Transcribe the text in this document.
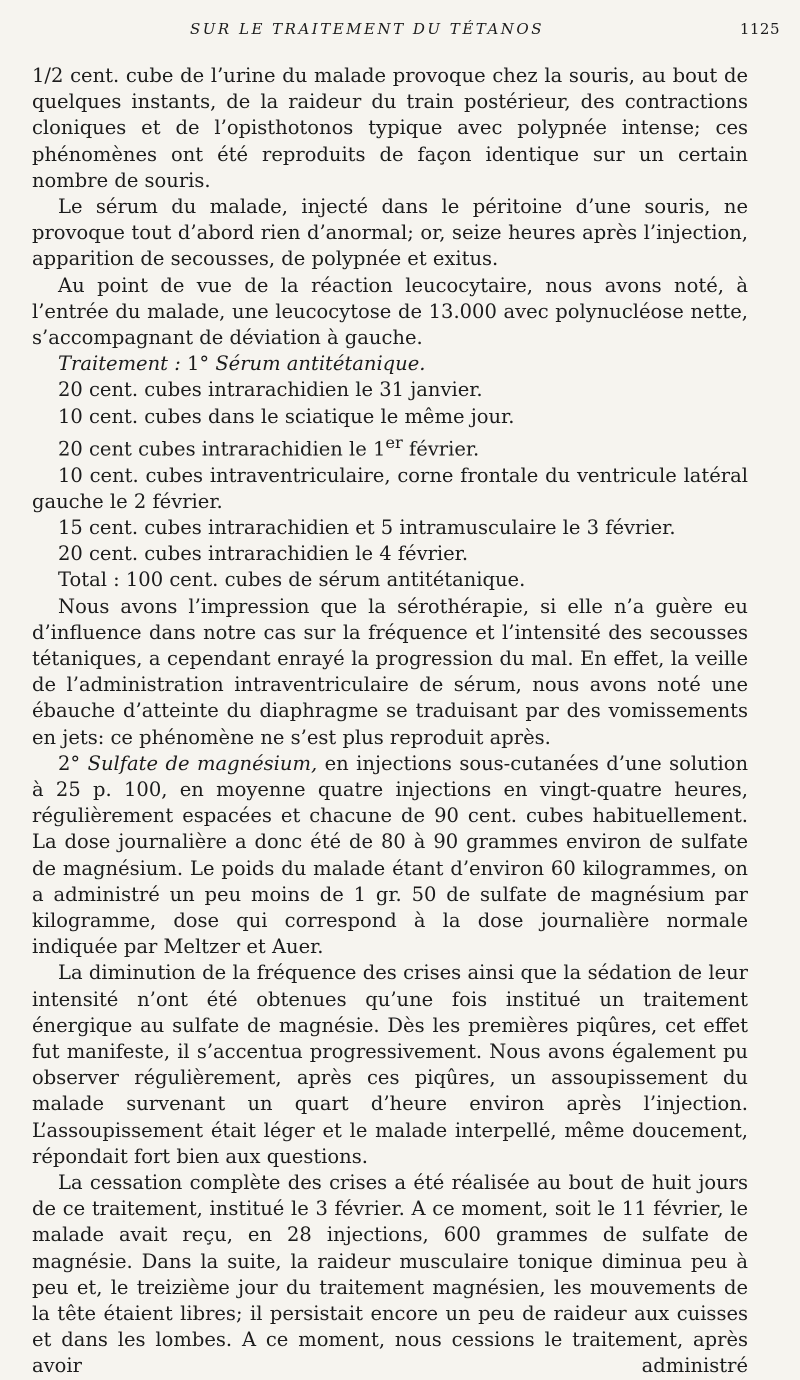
SUR LE TRAITEMENT DU TÉTANOS	1125

1/2 cent. cube de l’urine du malade provoque chez la souris, au bout de quelques instants, de la raideur du train postérieur, des contractions cloniques et de l’opisthotonos typique avec polypnée intense; ces phénomènes ont été reproduits de façon identique sur un certain nombre de souris.

Le sérum du malade, injecté dans le péritoine d’une souris, ne provoque tout d’abord rien d’anormal; or, seize heures après l’injection, apparition de secousses, de polypnée et exitus.

Au point de vue de la réaction leucocytaire, nous avons noté, à l’entrée du malade, une leucocytose de 13.000 avec polynucléose nette, s’accompagnant de déviation à gauche.

Traitement : 1° Sérum antitétanique.

20 cent. cubes intrarachidien le 31 janvier.

10 cent. cubes dans le sciatique le même jour.

20 cent cubes intrarachidien le 1er février.

10 cent. cubes intraventriculaire, corne frontale du ventricule latéral gauche le 2 février.

15 cent. cubes intrarachidien et 5 intramusculaire le 3 février.

20 cent. cubes intrarachidien le 4 février.

Total : 100 cent. cubes de sérum antitétanique.

Nous avons l’impression que la sérothérapie, si elle n’a guère eu d’influence dans notre cas sur la fréquence et l’intensité des secousses tétaniques, a cependant enrayé la progression du mal. En effet, la veille de l’administration intraventriculaire de sérum, nous avons noté une ébauche d’atteinte du diaphragme se traduisant par des vomissements en jets: ce phénomène ne s’est plus reproduit après.

2° Sulfate de magnésium, en injections sous-cutanées d’une solution à 25 p. 100, en moyenne quatre injections en vingt-quatre heures, régulièrement espacées et chacune de 90 cent. cubes habituellement. La dose journalière a donc été de 80 à 90 grammes environ de sulfate de magnésium. Le poids du malade étant d’environ 60 kilogrammes, on a administré un peu moins de 1 gr. 50 de sulfate de magnésium par kilogramme, dose qui correspond à la dose journalière normale indiquée par Meltzer et Auer.

La diminution de la fréquence des crises ainsi que la sédation de leur intensité n’ont été obtenues qu’une fois institué un traitement énergique au sulfate de magnésie. Dès les premières piqûres, cet effet fut manifeste, il s’accentua progressivement. Nous avons également pu observer régulièrement, après ces piqûres, un assoupissement du malade survenant un quart d’heure environ après l’injection. L’assoupissement était léger et le malade interpellé, même doucement, répondait fort bien aux questions.

La cessation complète des crises a été réalisée au bout de huit jours de ce traitement, institué le 3 février. A ce moment, soit le 11 février, le malade avait reçu, en 28 injections, 600 grammes de sulfate de magnésie. Dans la suite, la raideur musculaire tonique diminua peu à peu et, le treizième jour du traitement magnésien, les mouvements de la tête étaient libres; il persistait encore un peu de raideur aux cuisses et dans les lombes. A ce moment, nous cessions le traitement, après avoir administré
